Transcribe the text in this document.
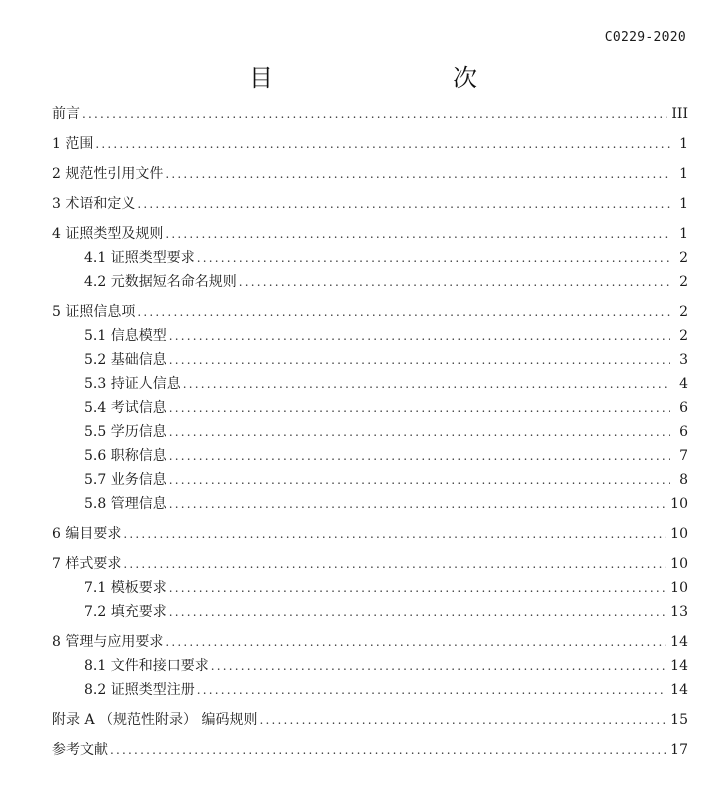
C0229-2020
目　　次
前言 .....	III
1 范围 .....	1
2 规范性引用文件 .....	1
3 术语和定义 .....	1
4 证照类型及规则 .....	1
4.1 证照类型要求 .....	2
4.2 元数据短名命名规则 .....	2
5 证照信息项 .....	2
5.1 信息模型 .....	2
5.2 基础信息 .....	3
5.3 持证人信息 .....	4
5.4 考试信息 .....	6
5.5 学历信息 .....	6
5.6 职称信息 .....	7
5.7 业务信息 .....	8
5.8 管理信息 .....	10
6 编目要求 .....	10
7 样式要求 .....	10
7.1 模板要求 .....	10
7.2 填充要求 .....	13
8 管理与应用要求 .....	14
8.1 文件和接口要求 .....	14
8.2 证照类型注册 .....	14
附录 A （规范性附录） 编码规则 .....	15
参考文献 .....	17
